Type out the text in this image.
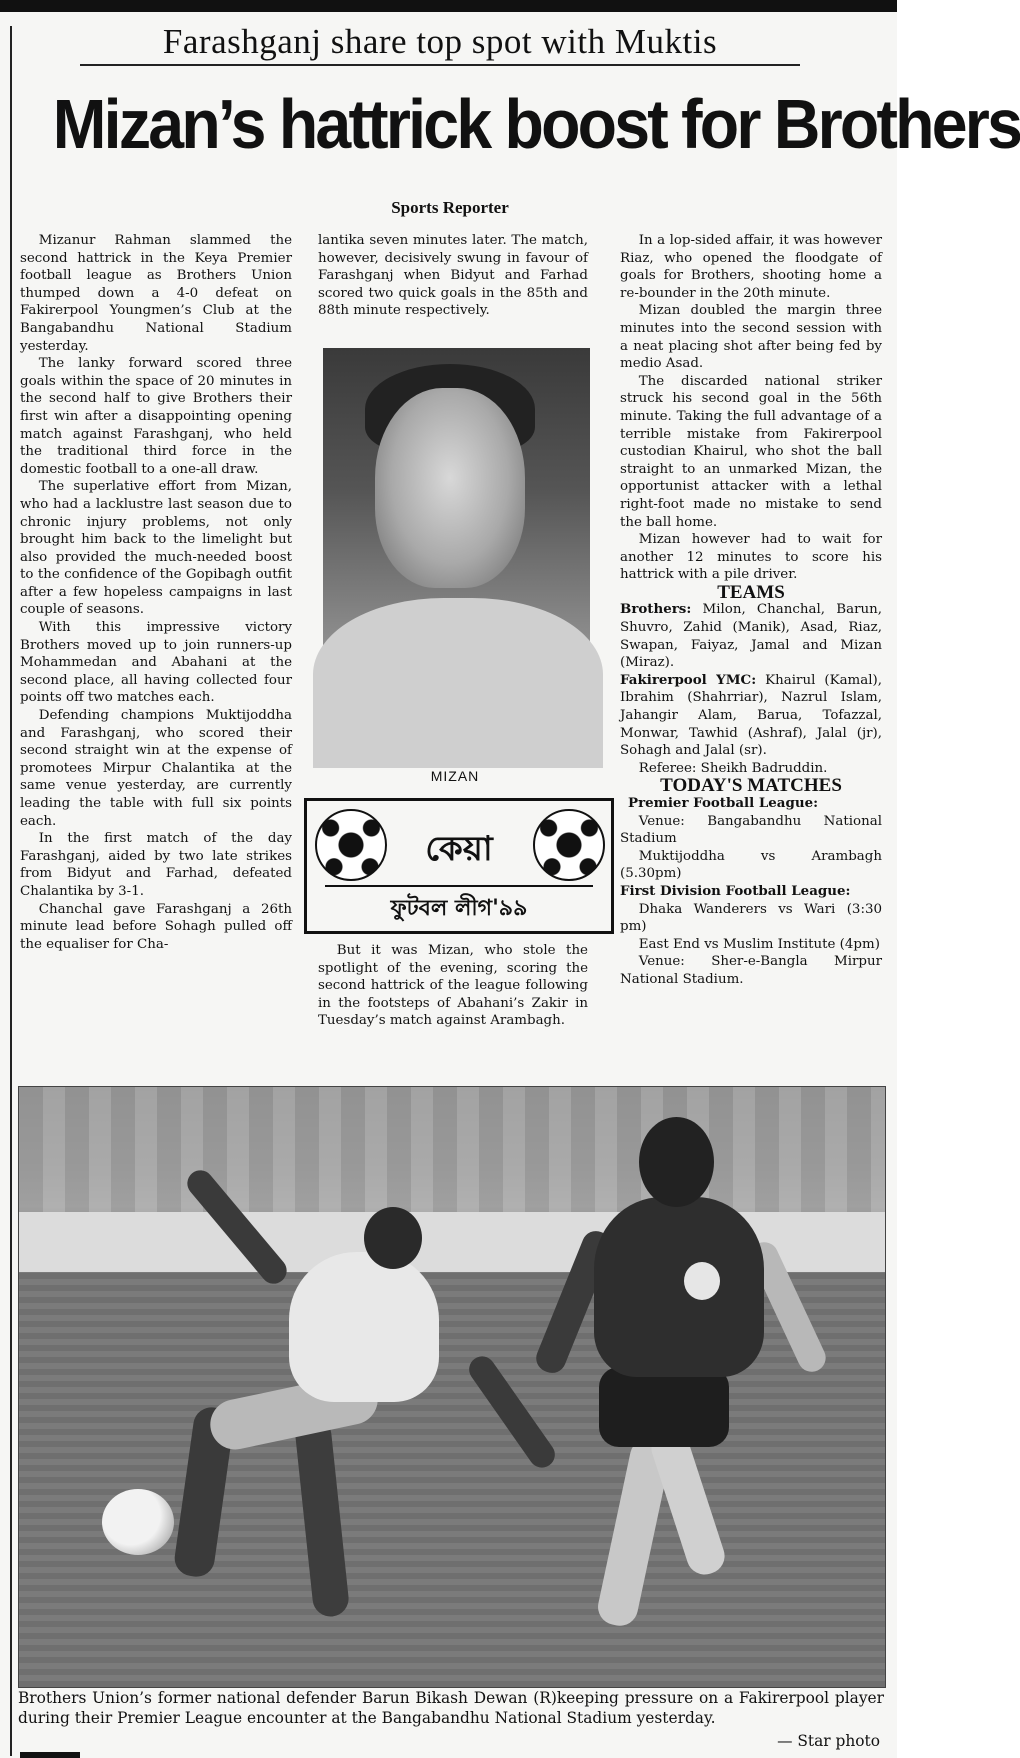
Farashganj share top spot with Muktis
Mizan’s hattrick boost for Brothers
Sports Reporter

Mizanur Rahman slammed the second hattrick in the Keya Premier football league as Brothers Union thumped down a 4-0 defeat on Fakirerpool Youngmen’s Club at the Bangabandhu National Stadium yesterday.

The lanky forward scored three goals within the space of 20 minutes in the second half to give Brothers their first win after a disappointing opening match against Farashganj, who held the traditional third force in the domestic football to a one-all draw.

The superlative effort from Mizan, who had a lacklustre last season due to chronic injury problems, not only brought him back to the limelight but also provided the much-needed boost to the confidence of the Gopibagh outfit after a few hopeless campaigns in last couple of seasons.

With this impressive victory Brothers moved up to join runners-up Mohammedan and Abahani at the second place, all having collected four points off two matches each.

Defending champions Muktijoddha and Farashganj, who scored their second straight win at the expense of promotees Mirpur Chalantika at the same venue yesterday, are currently leading the table with full six points each.

In the first match of the day Farashganj, aided by two late strikes from Bidyut and Farhad, defeated Chalantika by 3-1.

Chanchal gave Farashganj a 26th minute lead before Sohagh pulled off the equaliser for Cha-

lantika seven minutes later. The match, however, decisively swung in favour of Farashganj when Bidyut and Farhad scored two quick goals in the 85th and 88th minute respectively.

MIZAN
কেয়া
ফুটবল লীগ'৯৯

But it was Mizan, who stole the spotlight of the evening, scoring the second hattrick of the league following in the footsteps of Abahani’s Zakir in Tuesday’s match against Arambagh.

In a lop-sided affair, it was however Riaz, who opened the floodgate of goals for Brothers, shooting home a re-bounder in the 20th minute.

Mizan doubled the margin three minutes into the second session with a neat placing shot after being fed by medio Asad.

The discarded national striker struck his second goal in the 56th minute. Taking the full advantage of a terrible mistake from Fakirerpool custodian Khairul, who shot the ball straight to an unmarked Mizan, the opportunist attacker with a lethal right-foot made no mistake to send the ball home.

Mizan however had to wait for another 12 minutes to score his hattrick with a pile driver.

TEAMS

Brothers: Milon, Chanchal, Barun, Shuvro, Zahid (Manik), Asad, Riaz, Swapan, Faiyaz, Jamal and Mizan (Miraz).

Fakirerpool YMC: Khairul (Kamal), Ibrahim (Shahrriar), Nazrul Islam, Jahangir Alam, Barua, Tofazzal, Monwar, Tawhid (Ashraf), Jalal (jr), Sohagh and Jalal (sr).

Referee: Sheikh Badruddin.

TODAY'S MATCHES

Premier Football League:

Venue: Bangabandhu National Stadium

Muktijoddha vs Arambagh (5.30pm)

First Division Football League:

Dhaka Wanderers vs Wari (3:30 pm)

East End vs Muslim Institute (4pm)

Venue: Sher-e-Bangla Mirpur National Stadium.

Brothers Union’s former national defender Barun Bikash Dewan (R)keeping pressure on a Fakirerpool player during their Premier League encounter at the Bangabandhu National Stadium yesterday.
— Star photo
